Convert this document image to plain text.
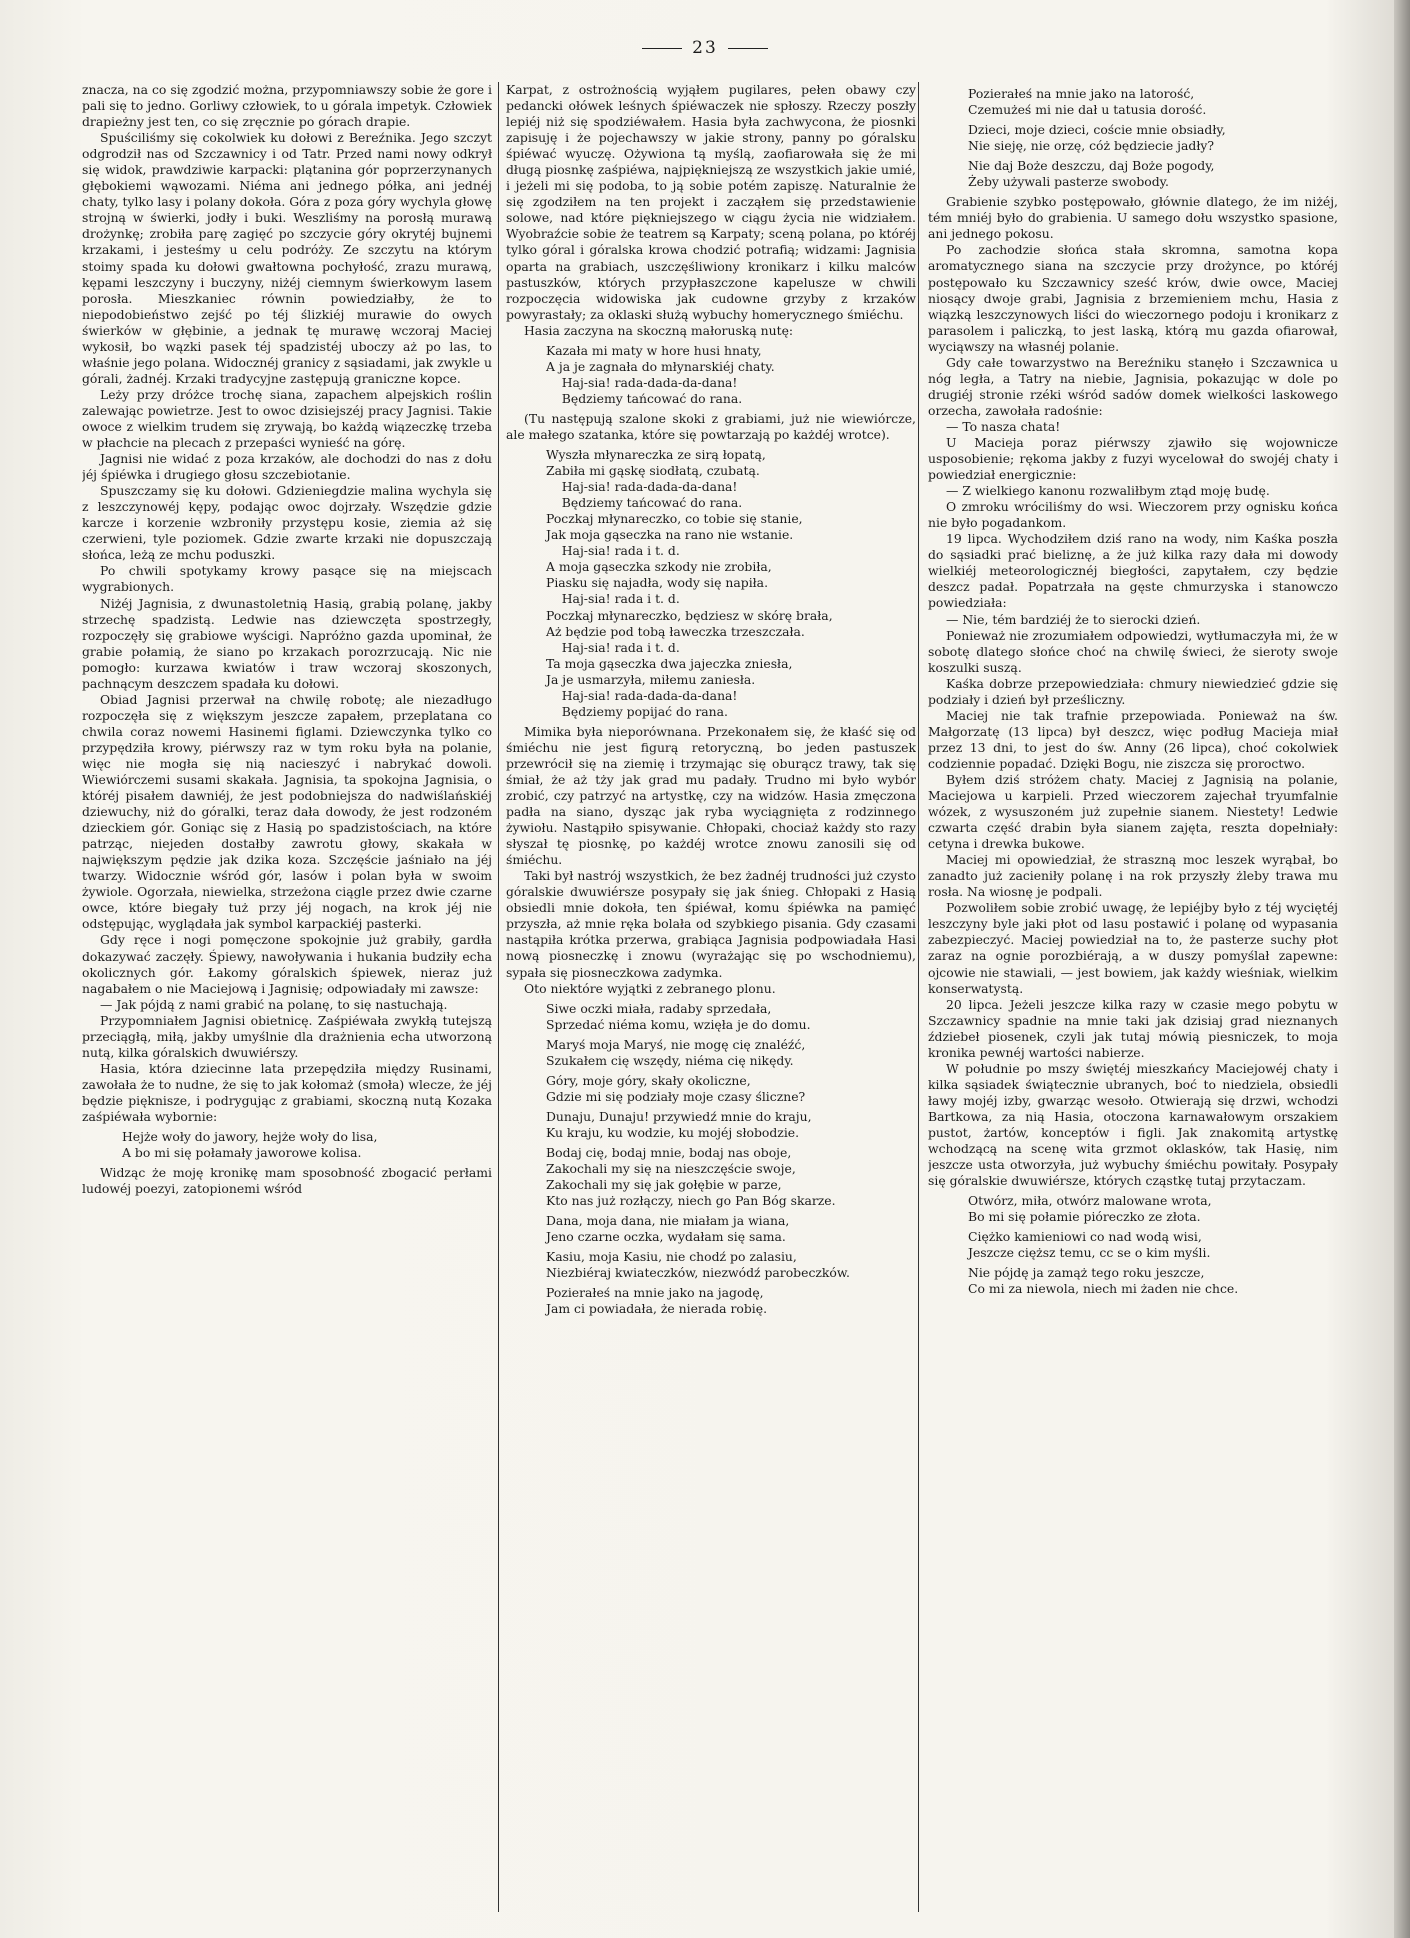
23

znacza, na co się zgodzić można, przypomniawszy sobie że gore i pali się to jedno. Gorliwy człowiek, to u górala impetyk. Człowiek drapieżny jest ten, co się zręcznie po górach drapie.

Spuściliśmy się cokolwiek ku dołowi z Bereźnika. Jego szczyt odgrodził nas od Szczawnicy i od Tatr. Przed nami nowy odkrył się widok, prawdziwie karpacki: plątanina gór poprzerzynanych głębokiemi wąwozami. Niéma ani jednego półka, ani jednéj chaty, tylko lasy i polany dokoła. Góra z poza góry wychyla głowę strojną w świerki, jodły i buki. Weszliśmy na porosłą murawą drożynkę; zrobiła parę zagięć po szczycie góry okrytéj bujnemi krzakami, i jesteśmy u celu podróży. Ze szczytu na którym stoimy spada ku dołowi gwałtowna pochyłość, zrazu murawą, kępami leszczyny i buczyny, niżéj ciemnym świerkowym lasem porosła. Mieszkaniec równin powiedziałby, że to niepodobieństwo zejść po téj ślizkiéj murawie do owych świerków w głębinie, a jednak tę murawę wczoraj Maciej wykosił, bo wązki pasek téj spadzistéj uboczy aż po las, to właśnie jego polana. Widocznéj granicy z sąsiadami, jak zwykle u górali, żadnéj. Krzaki tradycyjne zastępują graniczne kopce.

Leży przy dróżce trochę siana, zapachem alpejskich roślin zalewając powietrze. Jest to owoc dzisiejszéj pracy Jagnisi. Takie owoce z wielkim trudem się zrywają, bo każdą wiązeczkę trzeba w płachcie na plecach z przepaści wynieść na górę.

Jagnisi nie widać z poza krzaków, ale dochodzi do nas z dołu jéj śpiéwka i drugiego głosu szczebiotanie.

Spuszczamy się ku dołowi. Gdzieniegdzie malina wychyla się z leszczynowéj kępy, podając owoc dojrzały. Wszędzie gdzie karcze i korzenie wzbroniły przystępu kosie, ziemia aż się czerwieni, tyle poziomek. Gdzie zwarte krzaki nie dopuszczają słońca, leżą ze mchu poduszki.

Po chwili spotykamy krowy pasące się na miejscach wygrabionych.

Niżéj Jagnisia, z dwunastoletnią Hasią, grabią polanę, jakby strzechę spadzistą. Ledwie nas dziewczęta spostrzegły, rozpoczęły się grabiowe wyścigi. Napróżno gazda upominał, że grabie połamią, że siano po krzakach porozrzucają. Nic nie pomogło: kurzawa kwiatów i traw wczoraj skoszonych, pachnącym deszczem spadała ku dołowi.

Obiad Jagnisi przerwał na chwilę robotę; ale niezadługo rozpoczęła się z większym jeszcze zapałem, przeplatana co chwila coraz nowemi Hasinemi figlami. Dziewczynka tylko co przypędziła krowy, piérwszy raz w tym roku była na polanie, więc nie mogła się nią nacieszyć i nabrykać dowoli. Wiewiórczemi susami skakała. Jagnisia, ta spokojna Jagnisia, o któréj pisałem dawniéj, że jest podobniejsza do nadwiślańskiéj dziewuchy, niż do góralki, teraz dała dowody, że jest rodzoném dzieckiem gór. Goniąc się z Hasią po spadzistościach, na które patrząc, niejeden dostałby zawrotu głowy, skakała w największym pędzie jak dzika koza. Szczęście jaśniało na jéj twarzy. Widocznie wśród gór, lasów i polan była w swoim żywiole. Ogorzała, niewielka, strzeżona ciągle przez dwie czarne owce, które biegały tuż przy jéj nogach, na krok jéj nie odstępując, wyglądała jak symbol karpackiéj pasterki.

Gdy ręce i nogi pomęczone spokojnie już grabiły, gardła dokazywać zaczęły. Śpiewy, nawoływania i hukania budziły echa okolicznych gór. Łakomy góralskich śpiewek, nieraz już nagabałem o nie Maciejową i Jagnisię; odpowiadały mi zawsze:

— Jak pójdą z nami grabić na polanę, to się nastuchają.

Przypomniałem Jagnisi obietnicę. Zaśpiéwała zwykłą tutejszą przeciągłą, miłą, jakby umyślnie dla drażnienia echa utworzoną nutą, kilka góralskich dwuwiérszy.

Hasia, która dziecinne lata przepędziła między Rusinami, zawołała że to nudne, że się to jak kołomaż (smoła) wlecze, że jéj będzie pięknisze, i podrygując z grabiami, skoczną nutą Kozaka zaśpiéwała wybornie:

Hejże woły do jawory, hejże woły do lisa,
A bo mi się połamały jaworowe kolisa.

Widząc że moję kronikę mam sposobność zbogacić perłami ludowéj poezyi, zatopionemi wśród

Karpat, z ostrożnością wyjąłem pugilares, pełen obawy czy pedancki ołówek leśnych śpiéwaczek nie spłoszy. Rzeczy poszły lepiéj niż się spodziéwałem. Hasia była zachwycona, że piosnki zapisuję i że pojechawszy w jakie strony, panny po góralsku śpiéwać wyuczę. Ożywiona tą myślą, zaofiarowała się że mi długą piosnkę zaśpiéwa, najpiękniejszą ze wszystkich jakie umié, i jeżeli mi się podoba, to ją sobie potém zapiszę. Naturalnie że się zgodziłem na ten projekt i zacząłem się przedstawienie solowe, nad które piękniejszego w ciągu życia nie widziałem. Wyobraźcie sobie że teatrem są Karpaty; sceną polana, po któréj tylko góral i góralska krowa chodzić potrafią; widzami: Jagnisia oparta na grabiach, uszczęśliwiony kronikarz i kilku malców pastuszków, których przypłaszczone kapelusze w chwili rozpoczęcia widowiska jak cudowne grzyby z krzaków powyrastały; za oklaski służą wybuchy homerycznego śmiéchu.

Hasia zaczyna na skoczną małoruską nutę:

Kazała mi maty w hore husi hnaty,
A ja je zagnała do młynarskiéj chaty.
Haj-sia! rada-dada-da-dana!
Będziemy tańcować do rana.

(Tu następują szalone skoki z grabiami, już nie wiewiórcze, ale małego szatanka, które się powtarzają po każdéj wrotce).

Wyszła młynareczka ze sirą łopatą,
Zabiła mi gąskę siodłatą, czubatą.
Haj-sia! rada-dada-da-dana!
Będziemy tańcować do rana.
Poczkaj młynareczko, co tobie się stanie,
Jak moja gąseczka na rano nie wstanie.
Haj-sia! rada i t. d.
A moja gąseczka szkody nie zrobiła,
Piasku się najadła, wody się napiła.
Haj-sia! rada i t. d.
Poczkaj młynareczko, będziesz w skórę brała,
Aż będzie pod tobą ławeczka trzeszczała.
Haj-sia! rada i t. d.
Ta moja gąseczka dwa jajeczka zniesła,
Ja je usmarzyła, miłemu zaniesła.
Haj-sia! rada-dada-da-dana!
Będziemy popijać do rana.

Mimika była nieporównana. Przekonałem się, że kłaść się od śmiéchu nie jest figurą retoryczną, bo jeden pastuszek przewrócił się na ziemię i trzymając się oburącz trawy, tak się śmiał, że aż tży jak grad mu padały. Trudno mi było wybór zrobić, czy patrzyć na artystkę, czy na widzów. Hasia zmęczona padła na siano, dysząc jak ryba wyciągnięta z rodzinnego żywiołu. Nastąpiło spisywanie. Chłopaki, chociaż każdy sto razy słyszał tę piosnkę, po każdéj wrotce znowu zanosili się od śmiéchu.

Taki był nastrój wszystkich, że bez żadnéj trudności już czysto góralskie dwuwiérsze posypały się jak śnieg. Chłopaki z Hasią obsiedli mnie dokoła, ten śpiéwał, komu śpiéwka na pamięć przyszła, aż mnie ręka bolała od szybkiego pisania. Gdy czasami nastąpiła krótka przerwa, grabiąca Jagnisia podpowiadała Hasi nową piosneczkę i znowu (wyrażając się po wschodniemu), sypała się piosneczkowa zadymka.

Oto niektóre wyjątki z zebranego plonu.

Siwe oczki miała, radaby sprzedała,
Sprzedać niéma komu, wzięła je do domu.
Maryś moja Maryś, nie mogę cię znaléźć,
Szukałem cię wszędy, niéma cię nikędy.
Góry, moje góry, skały okoliczne,
Gdzie mi się podziały moje czasy śliczne?
Dunaju, Dunaju! przywiedź mnie do kraju,
Ku kraju, ku wodzie, ku mojéj słobodzie.
Bodaj cię, bodaj mnie, bodaj nas oboje,
Zakochali my się na nieszczęście swoje,
Zakochali my się jak gołębie w parze,
Kto nas już rozłączy, niech go Pan Bóg skarze.
Dana, moja dana, nie miałam ja wiana,
Jeno czarne oczka, wydałam się sama.
Kasiu, moja Kasiu, nie chodź po zalasiu,
Niezbiéraj kwiateczków, niezwódź parobeczków.
Pozierałeś na mnie jako na jagodę,
Jam ci powiadała, że nierada robię.
Pozierałeś na mnie jako na latorość,
Czemużeś mi nie dał u tatusia dorość.
Dzieci, moje dzieci, coście mnie obsiadły,
Nie sieję, nie orzę, cóż będziecie jadły?
Nie daj Boże deszczu, daj Boże pogody,
Żeby używali pasterze swobody.

Grabienie szybko postępowało, głównie dlatego, że im niżéj, tém mniéj było do grabienia. U samego dołu wszystko spasione, ani jednego pokosu.

Po zachodzie słońca stała skromna, samotna kopa aromatycznego siana na szczycie przy drożynce, po któréj postępowało ku Szczawnicy sześć krów, dwie owce, Maciej niosący dwoje grabi, Jagnisia z brzemieniem mchu, Hasia z wiązką leszczynowych liści do wieczornego podoju i kronikarz z parasolem i paliczką, to jest laską, którą mu gazda ofiarował, wyciąwszy na własnéj polanie.

Gdy całe towarzystwo na Bereźniku stanęło i Szczawnica u nóg legła, a Tatry na niebie, Jagnisia, pokazując w dole po drugiéj stronie rzéki wśród sadów domek wielkości laskowego orzecha, zawołała radośnie:

— To nasza chata!

U Macieja poraz piérwszy zjawiło się wojownicze usposobienie; rękoma jakby z fuzyi wycelował do swojéj chaty i powiedział energicznie:

— Z wielkiego kanonu rozwaliłbym ztąd moję budę.

O zmroku wróciliśmy do wsi. Wieczorem przy ognisku końca nie było pogadankom.

19 lipca. Wychodziłem dziś rano na wody, nim Kaśka poszła do sąsiadki prać bieliznę, a że już kilka razy dała mi dowody wielkiéj meteorologicznéj biegłości, zapytałem, czy będzie deszcz padał. Popatrzała na gęste chmurzyska i stanowczo powiedziała:

— Nie, tém bardziéj że to sierocki dzień.

Ponieważ nie zrozumiałem odpowiedzi, wytłumaczyła mi, że w sobotę dlatego słońce choć na chwilę świeci, że sieroty swoje koszulki suszą.

Kaśka dobrze przepowiedziała: chmury niewiedzieć gdzie się podziały i dzień był prześliczny.

Maciej nie tak trafnie przepowiada. Ponieważ na św. Małgorzatę (13 lipca) był deszcz, więc podług Macieja miał przez 13 dni, to jest do św. Anny (26 lipca), choć cokolwiek codziennie popadać. Dzięki Bogu, nie ziszcza się proroctwo.

Byłem dziś stróżem chaty. Maciej z Jagnisią na polanie, Maciejowa u karpieli. Przed wieczorem zajechał tryumfalnie wózek, z wysuszoném już zupełnie sianem. Niestety! Ledwie czwarta część drabin była sianem zajęta, reszta dopełniały: cetyna i drewka bukowe.

Maciej mi opowiedział, że straszną moc leszek wyrąbał, bo zanadto już zacieniły polanę i na rok przyszły żleby trawa mu rosła. Na wiosnę je podpali.

Pozwoliłem sobie zrobić uwagę, że lepiéjby było z téj wyciętéj leszczyny byle jaki płot od lasu postawić i polanę od wypasania zabezpieczyć. Maciej powiedział na to, że pasterze suchy płot zaraz na ognie porozbiérają, a w duszy pomyślał zapewne: ojcowie nie stawiali, — jest bowiem, jak każdy wieśniak, wielkim konserwatystą.

20 lipca. Jeżeli jeszcze kilka razy w czasie mego pobytu w Szczawnicy spadnie na mnie taki jak dzisiaj grad nieznanych ździebeł piosenek, czyli jak tutaj mówią piesniczek, to moja kronika pewnéj wartości nabierze.

W południe po mszy świętéj mieszkańcy Maciejowéj chaty i kilka sąsiadek świątecznie ubranych, boć to niedziela, obsiedli ławy mojéj izby, gwarząc wesoło. Otwierają się drzwi, wchodzi Bartkowa, za nią Hasia, otoczona karnawałowym orszakiem pustot, żartów, konceptów i figli. Jak znakomitą artystkę wchodzącą na scenę wita grzmot oklasków, tak Hasię, nim jeszcze usta otworzyła, już wybuchy śmiéchu powitały. Posypały się góralskie dwuwiérsze, których cząstkę tutaj przytaczam.

Otwórz, miła, otwórz malowane wrota,
Bo mi się połamie pióreczko ze złota.
Ciężko kamieniowi co nad wodą wisi,
Jeszcze cięższ temu, cc se o kim myśli.
Nie pójdę ja zamąż tego roku jeszcze,
Co mi za niewola, niech mi żaden nie chce.
